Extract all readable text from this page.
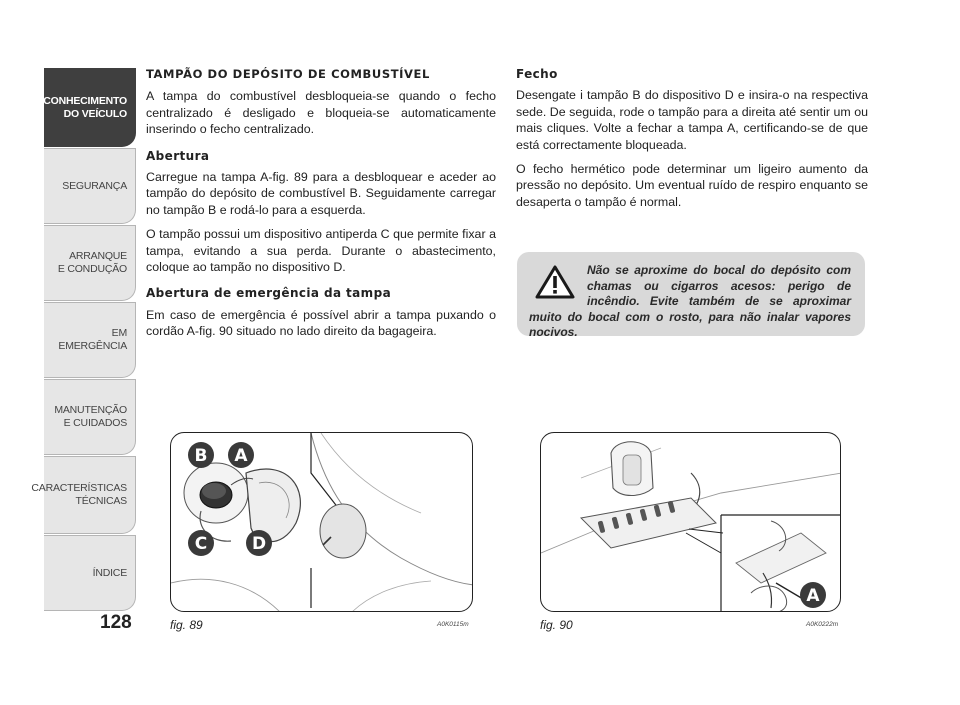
CONHECIMENTO
DO VEÍCULO
SEGURANÇA
ARRANQUE
E CONDUÇÃO
EM EMERGÊNCIA
MANUTENÇÃO
E CUIDADOS
CARACTERÍSTICAS
TÉCNICAS
ÍNDICE
128
TAMPÃO DO DEPÓSITO DE COMBUSTÍVEL

A tampa do combustível desbloqueia-se quando o fecho centralizado é desligado e bloqueia-se automaticamente inserindo o fecho centralizado.

Abertura

Carregue na tampa A-fig. 89 para a desbloquear e aceder ao tampão do depósito de combustível B. Seguidamente carregar no tampão B e rodá-lo para a esquerda.

O tampão possui um dispositivo antiperda C que permite fixar a tampa, evitando a sua perda. Durante o abastecimento, coloque ao tampão no dispositivo D.

Abertura de emergência da tampa

Em caso de emergência é possível abrir a tampa puxando o cordão A-fig. 90 situado no lado direito da bagageira.

Fecho

Desengate i tampão B do dispositivo D e insira-o na respectiva sede. De seguida, rode o tampão para a direita até sentir um ou mais cliques. Volte a fechar a tampa A, certificando-se de que está correctamente bloqueada.

O fecho hermético pode determinar um ligeiro aumento da pressão no depósito. Um eventual ruído de respiro enquanto se desaperta o tampão é normal.

Não se aproxime do bocal do depósito com chamas ou cigarros acesos: perigo de incêndio. Evite também de se aproximar muito do bocal com o rosto, para não inalar vapores nocivos.
B A
C	D
fig. 89	A0K0115m
A
fig. 90	A0K0222m
